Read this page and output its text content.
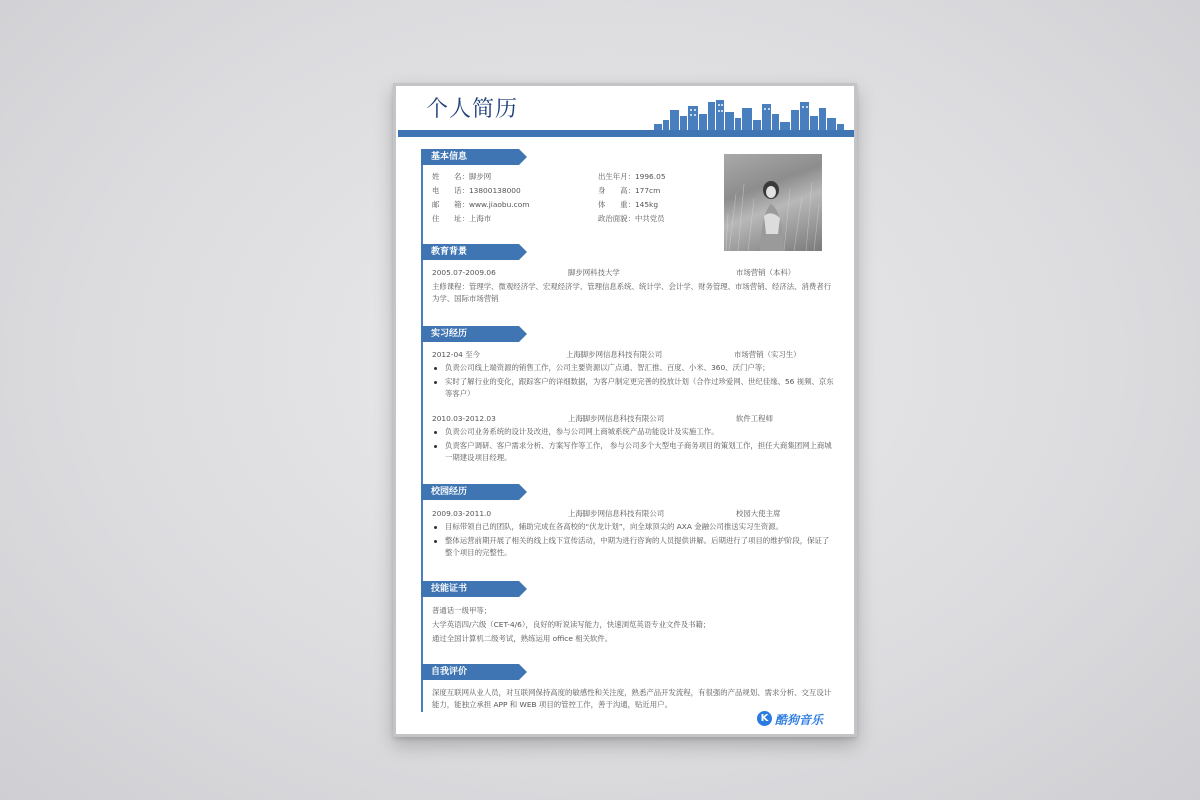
个人简历
基本信息
姓　　名：脚步网
电　　话：13800138000
邮　　箱：www.jiaobu.com
住　　址：上海市
出生年月：1996.05
身　　高：177cm
体　　重：145kg
政治面貌：中共党员
教育背景
2005.07-2009.06	脚步网科技大学	市场营销（本科）
主修课程：管理学、微观经济学、宏观经济学、管理信息系统、统计学、会计学、财务管理、市场营销、经济法、消费者行为学、国际市场营销
实习经历
2012-04 至今	上海脚步网信息科技有限公司	市场营销（实习生）
负责公司线上端资源的销售工作，公司主要资源以广点通、智汇推、百度、小米、360、沃门户等；
实时了解行业的变化，跟踪客户的详细数据，为客户制定更完善的投放计划（合作过珍爱网、世纪佳缘、56 视频、京东等客户）
2010.03-2012.03	上海脚步网信息科技有限公司	软件工程师
负责公司业务系统的设计及改进，参与公司网上商城系统产品功能设计及实施工作。
负责客户调研、客户需求分析、方案写作等工作， 参与公司多个大型电子商务项目的策划工作，担任大商集团网上商城一期建设项目经理。
校园经历
2009.03-2011.0	上海脚步网信息科技有限公司	校园大使主席
目标带领自己的团队，辅助完成在各高校的“伏龙计划”，向全球顶尖的 AXA 金融公司推送实习生资源。
整体运营前期开展了相关的线上线下宣传活动，中期为进行咨询的人员提供讲解。后期进行了项目的维护阶段，保证了整个项目的完整性。
技能证书
普通话一级甲等；
大学英语四/六级（CET-4/6），良好的听说读写能力，快速浏览英语专业文件及书籍；
通过全国计算机二级考试，熟练运用 office 相关软件。
自我评价
深度互联网从业人员，对互联网保持高度的敏感性和关注度，熟悉产品开发流程，有很强的产品规划、需求分析、交互设计能力，能独立承担 APP 和 WEB 项目的管控工作，善于沟通，贴近用户。
K 酷狗音乐
